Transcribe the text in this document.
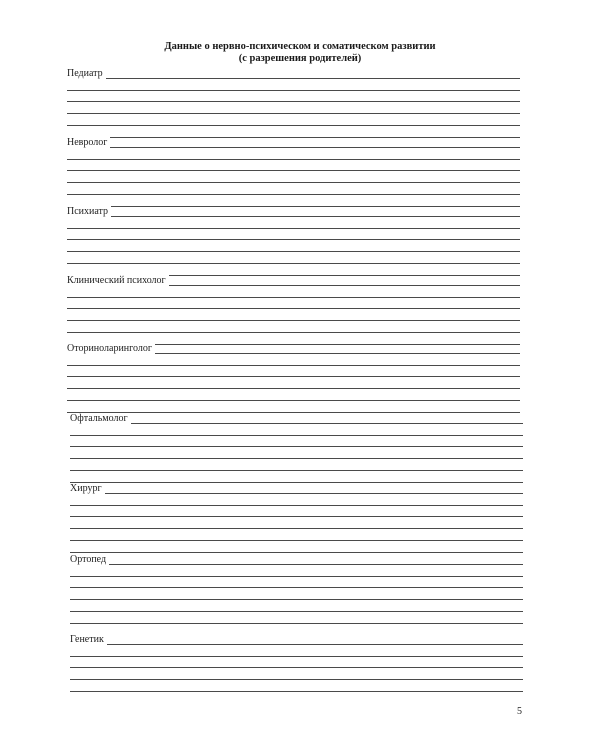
Данные о нервно-психическом и соматическом развитии
(с разрешения родителей)
Педиатр
Невролог
Психиатр
Клинический психолог
Оториноларинголог
Офтальмолог
Хирург
Ортопед
Генетик
5
